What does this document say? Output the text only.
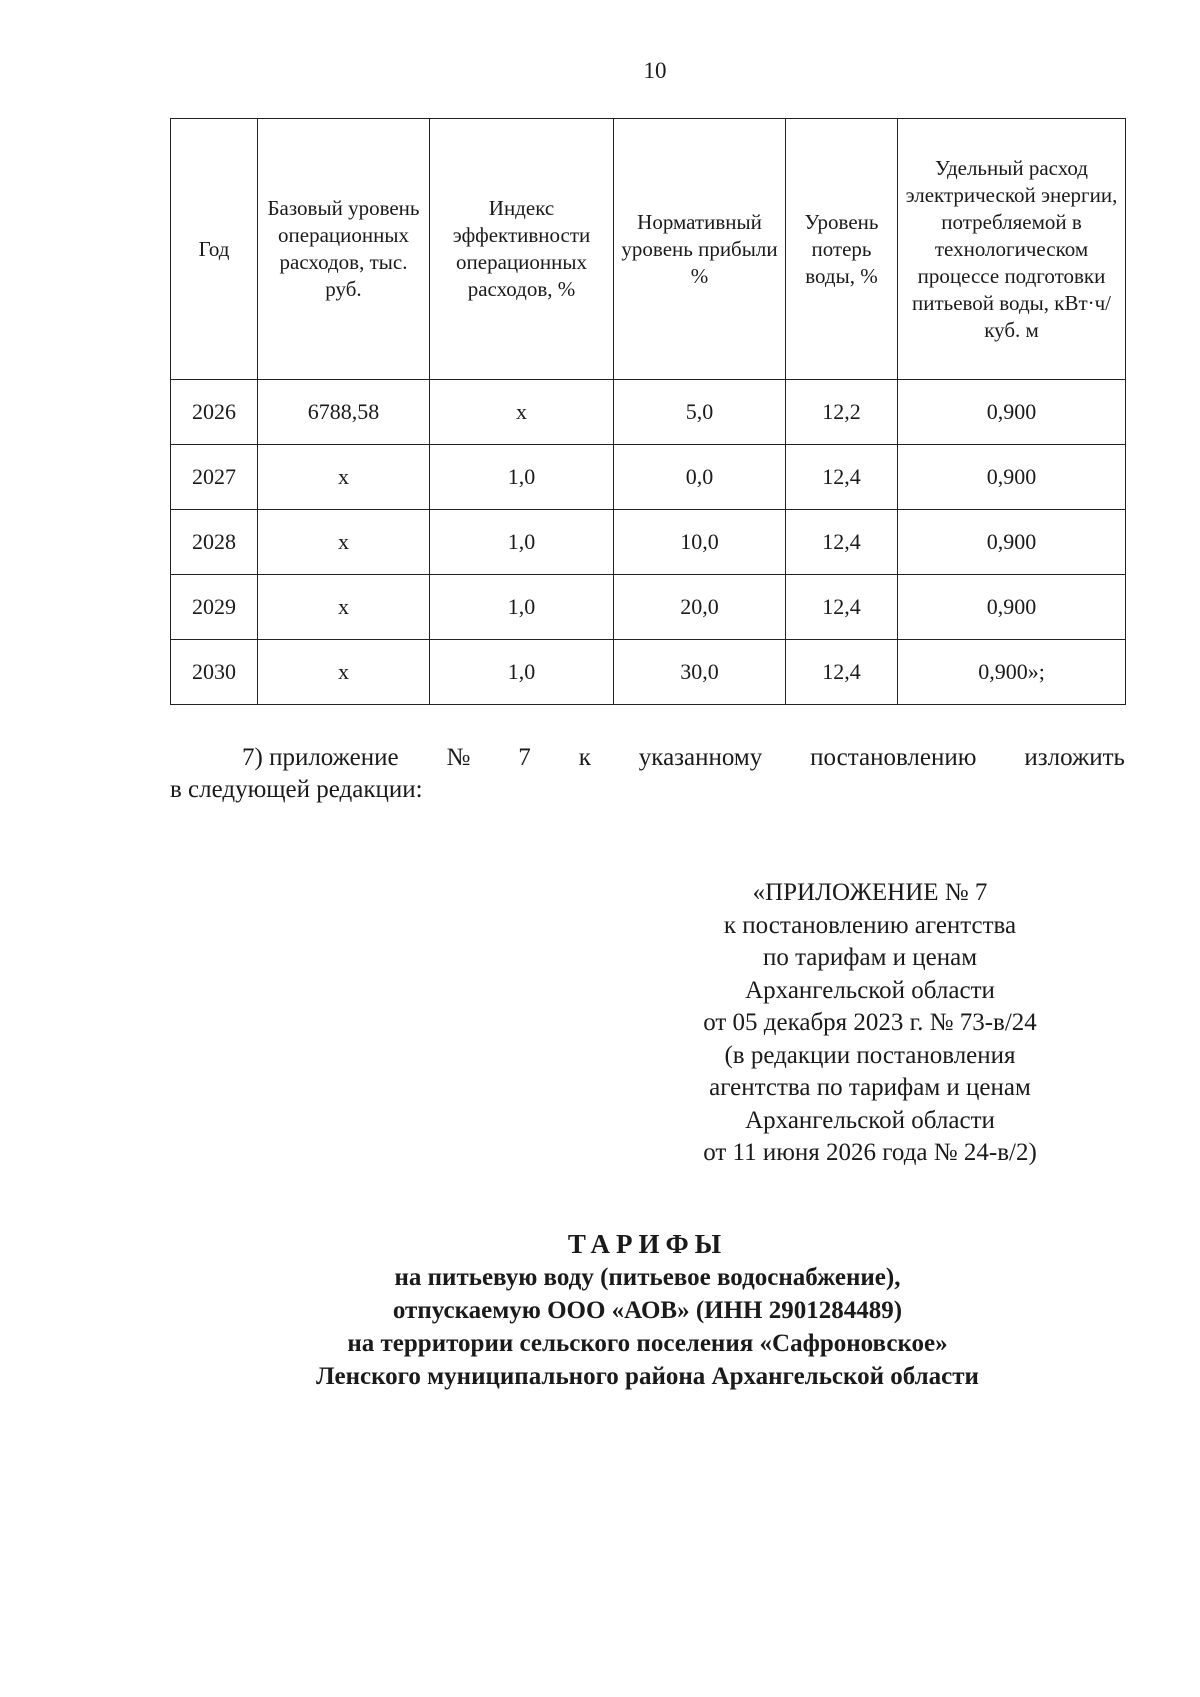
10
Год	Базовый уровень операционных расходов, тыс. руб.	Индекс эффективности операционных расходов, %	Нормативный уровень прибыли %	Уровень потерь воды, %	Удельный расход электрической энергии, потребляемой в технологическом процессе подготовки питьевой воды, кВт·ч/куб. м
2026	6788,58	х	5,0	12,2	0,900
2027	х	1,0	0,0	12,4	0,900
2028	х	1,0	10,0	12,4	0,900
2029	х	1,0	20,0	12,4	0,900
2030	х	1,0	30,0	12,4	0,900»;
7) приложение № 7 к указанному постановлению изложить
в следующей редакции:
«ПРИЛОЖЕНИЕ № 7
к постановлению агентства
по тарифам и ценам
Архангельской области
от 05 декабря 2023 г. № 73-в/24
(в редакции постановления
агентства по тарифам и ценам
Архангельской области
от 11 июня 2026 года № 24-в/2)
ТАРИФЫ
на питьевую воду (питьевое водоснабжение),
отпускаемую ООО «АОВ» (ИНН 2901284489)
на территории сельского поселения «Сафроновское»
Ленского муниципального района Архангельской области
